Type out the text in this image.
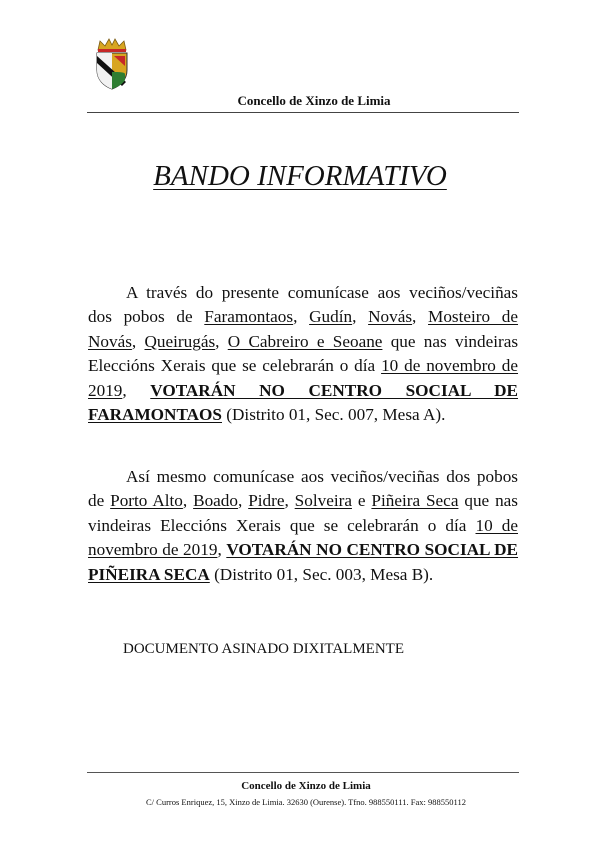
Concello de Xinzo de Limia
BANDO INFORMATIVO

A través do presente comunícase aos veciños/veciñas dos pobos de Faramontaos, Gudín, Novás, Mosteiro de Novás, Queirugás, O Cabreiro e Seoane que nas vindeiras Eleccións Xerais que se celebrarán o día 10 de novembro de 2019, VOTARÁN NO CENTRO SOCIAL DE FARAMONTAOS (Distrito 01, Sec. 007, Mesa A).

Así mesmo comunícase aos veciños/veciñas dos pobos de Porto Alto, Boado, Pidre, Solveira e Piñeira Seca que nas vindeiras Eleccións Xerais que se celebrarán o día 10 de novembro de 2019, VOTARÁN NO CENTRO SOCIAL DE PIÑEIRA SECA (Distrito 01, Sec. 003, Mesa B).

DOCUMENTO ASINADO DIXITALMENTE
Concello de Xinzo de Limia
C/ Curros Enriquez, 15, Xinzo de Limia. 32630 (Ourense). Tfno. 988550111. Fax: 988550112
